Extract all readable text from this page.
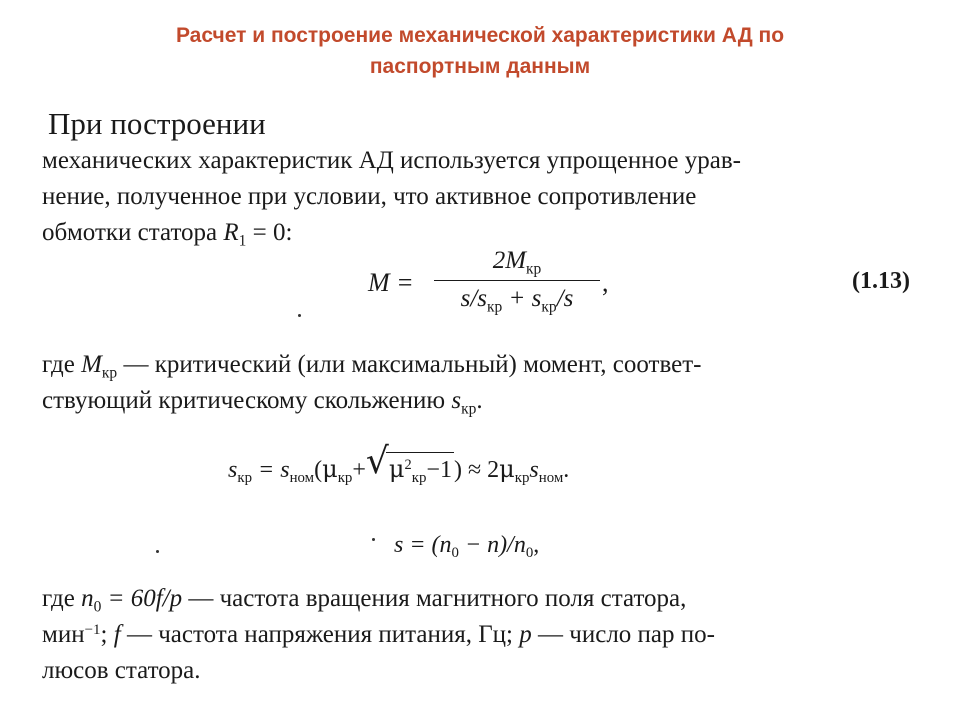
Расчет и построение механической характеристики АД по
паспортным данным
При построении
механических характеристик АД используется упрощенное урав-
нение, полученное при условии, что активное сопротивление
обмотки статора $R_1 = 0$:
M =
$2M_{кр}$
$s/s_{кр} + s_{кр}/s$
,	(1.13)
где $M_{кр}$ — критический (или максимальный) момент, соответ-
ствующий критическому скольжению $s_{кр}$.
$s_{кр} = s_{ном}(\mu_{кр}+$ √ $\mu^2_{кр}-1) \approx 2\mu_{кр}s_{ном}$.
$s = (n_0 - n)/n_0$,
где $n_0 = 60f/p$ — частота вращения магнитного поля статора,
мин$^{-1}$; f — частота напряжения питания, Гц; p — число пар по-
люсов статора.
